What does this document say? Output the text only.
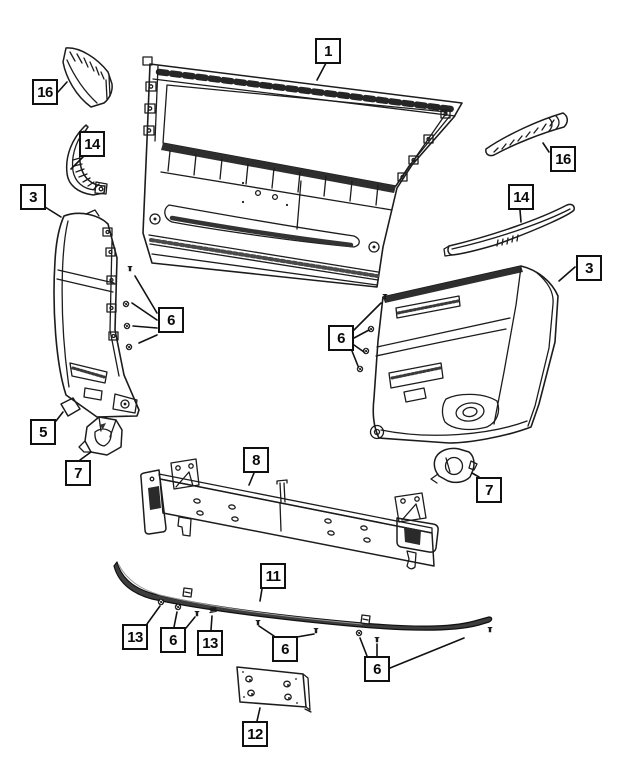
1
16
14
3
6
5
7
8
16
14
3
6
7
11
13 6 13	6
6
12
